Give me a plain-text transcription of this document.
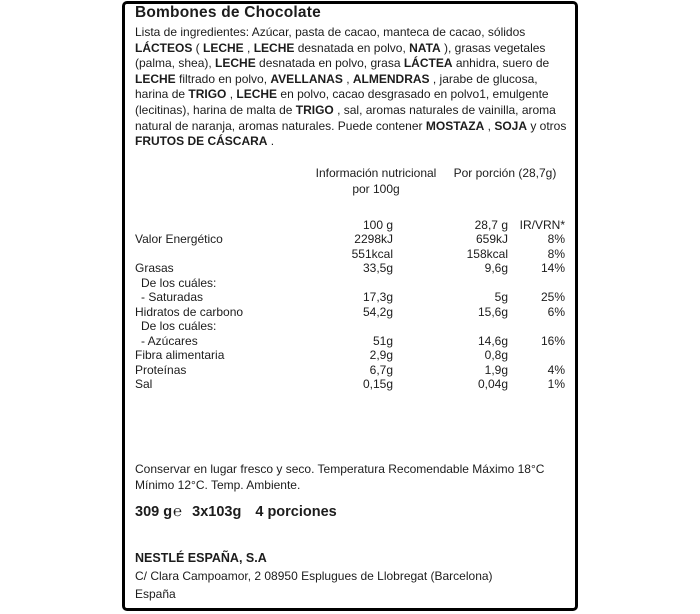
Bombones de Chocolate

Lista de ingredientes: Azúcar, pasta de cacao, manteca de cacao, sólidos LÁCTEOS ( LECHE , LECHE desnatada en polvo, NATA ), grasas vegetales (palma, shea), LECHE desnatada en polvo, grasa LÁCTEA anhidra, suero de LECHE filtrado en polvo, AVELLANAS , ALMENDRAS , jarabe de glucosa, harina de TRIGO , LECHE en polvo, cacao desgrasado en polvo1, emulgente (lecitinas), harina de malta de TRIGO , sal, aromas naturales de vainilla, aroma natural de naranja, aromas naturales. Puede contener MOSTAZA , SOJA y otros FRUTOS DE CÁSCARA .

Información nutricional
por 100g
Por porción (28,7g)
100 g	28,7 g IR/VRN*
Valor Energético	2298kJ	659kJ	8%
551kcal	158kcal	8%
Grasas	33,5g	9,6g	14%
De los cuáles:
- Saturadas	17,3g	5g	25%
Hidratos de carbono	54,2g	15,6g	6%
De los cuáles:
- Azúcares	51g	14,6g	16%
Fibra alimentaria	2,9g	0,8g
Proteínas	6,7g	1,9g	4%
Sal	0,15g	0,04g	1%

Conservar en lugar fresco y seco. Temperatura Recomendable Máximo 18°C Mínimo 12°C. Temp. Ambiente.

309 g℮ 3x103g 4 porciones

NESTLÉ ESPAÑA, S.A

C/ Clara Campoamor, 2 08950 Esplugues de Llobregat (Barcelona)

España
